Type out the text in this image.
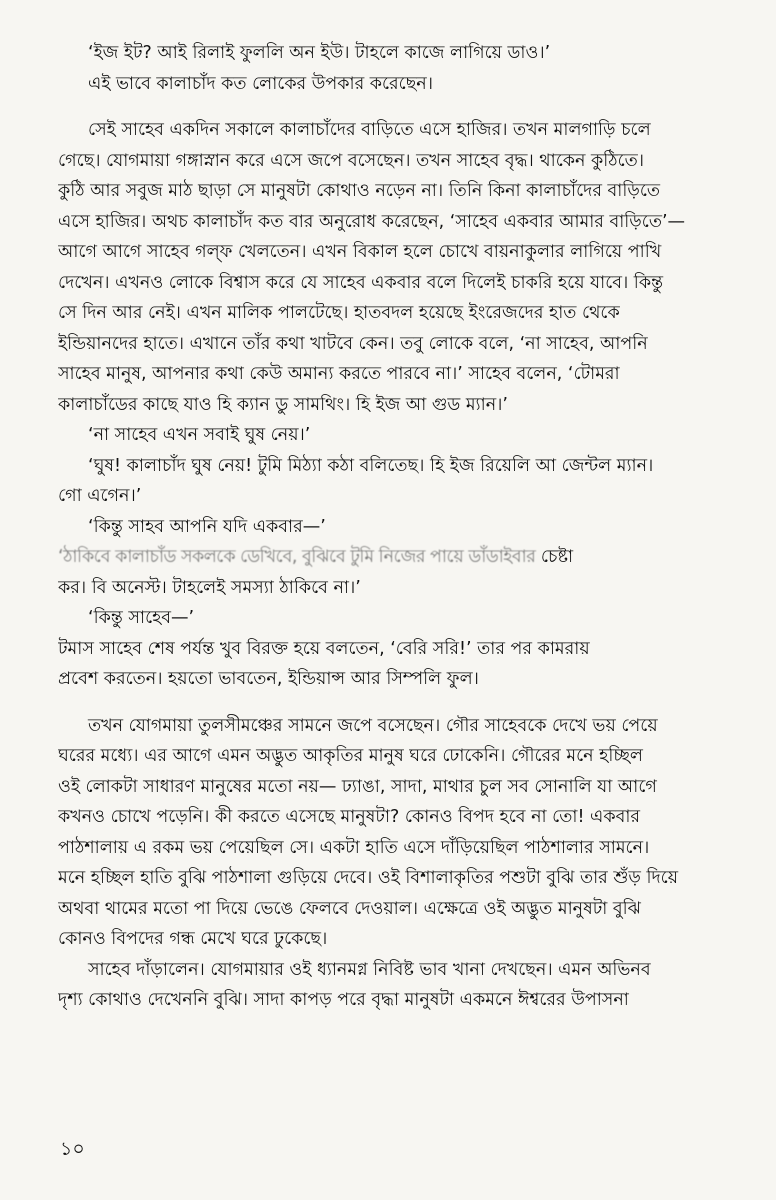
‘ইজ ইট? আই রিলাই ফুললি অন ইউ। টাহলে কাজে লাগিয়ে ডাও।’
এই ভাবে কালাচাঁদ কত লোকের উপকার করেছেন।
সেই সাহেব একদিন সকালে কালাচাঁদের বাড়িতে এসে হাজির। তখন মালগাড়ি চলে
গেছে। যোগমায়া গঙ্গাস্নান করে এসে জপে বসেছেন। তখন সাহেব বৃদ্ধ। থাকেন কুঠিতে।
কুঠি আর সবুজ মাঠ ছাড়া সে মানুষটা কোথাও নড়েন না। তিনি কিনা কালাচাঁদের বাড়িতে
এসে হাজির। অথচ কালাচাঁদ কত বার অনুরোধ করেছেন, ‘সাহেব একবার আমার বাড়িতে’—
আগে আগে সাহেব গল্‌ফ খেলতেন। এখন বিকাল হলে চোখে বায়নাকুলার লাগিয়ে পাখি
দেখেন। এখনও লোকে বিশ্বাস করে যে সাহেব একবার বলে দিলেই চাকরি হয়ে যাবে। কিন্তু
সে দিন আর নেই। এখন মালিক পালটেছে। হাতবদল হয়েছে ইংরেজদের হাত থেকে
ইন্ডিয়ানদের হাতে। এখানে তাঁর কথা খাটবে কেন। তবু লোকে বলে, ‘না সাহেব, আপনি
সাহেব মানুষ, আপনার কথা কেউ অমান্য করতে পারবে না।’ সাহেব বলেন, ‘টোমরা
কালাচাঁডের কাছে যাও হি ক্যান ডু সামথিং। হি ইজ আ গুড ম্যান।’
‘না সাহেব এখন সবাই ঘুষ নেয়।’
‘ঘুষ! কালাচাঁদ ঘুষ নেয়! টুমি মিঠ্যা কঠা বলিতেছ। হি ইজ রিয়েলি আ জেন্টল ম্যান।
গো এগেন।’
‘কিন্তু সাহব আপনি যদি একবার—’
‘ঠাকিবে কালাচাঁড সকলকে ডেখিবে, বুঝিবে টুমি নিজের পায়ে ডাঁডাইবার চেষ্টা
কর। বি অনেস্ট। টাহলেই সমস্যা ঠাকিবে না।’
‘কিন্তু সাহেব—’
টমাস সাহেব শেষ পর্যন্ত খুব বিরক্ত হয়ে বলতেন, ‘বেরি সরি!’ তার পর কামরায়
প্রবেশ করতেন। হয়তো ভাবতেন, ইন্ডিয়ান্স আর সিম্পলি ফুল।
তখন যোগমায়া তুলসীমঞ্চের সামনে জপে বসেছেন। গৌর সাহেবকে দেখে ভয় পেয়ে
ঘরের মধ্যে। এর আগে এমন অদ্ভুত আকৃতির মানুষ ঘরে ঢোকেনি। গৌরের মনে হচ্ছিল
ওই লোকটা সাধারণ মানুষের মতো নয়— ঢ্যাঙা, সাদা, মাথার চুল সব সোনালি যা আগে
কখনও চোখে পড়েনি। কী করতে এসেছে মানুষটা? কোনও বিপদ হবে না তো! একবার
পাঠশালায় এ রকম ভয় পেয়েছিল সে। একটা হাতি এসে দাঁড়িয়েছিল পাঠশালার সামনে।
মনে হচ্ছিল হাতি বুঝি পাঠশালা গুড়িয়ে দেবে। ওই বিশালাকৃতির পশুটা বুঝি তার শুঁড় দিয়ে
অথবা থামের মতো পা দিয়ে ভেঙে ফেলবে দেওয়াল। এক্ষেত্রে ওই অদ্ভুত মানুষটা বুঝি
কোনও বিপদের গন্ধ মেখে ঘরে ঢুকেছে।
সাহেব দাঁড়ালেন। যোগমায়ার ওই ধ্যানমগ্ন নিবিষ্ট ভাব খানা দেখছেন। এমন অভিনব
দৃশ্য কোথাও দেখেননি বুঝি। সাদা কাপড় পরে বৃদ্ধা মানুষটা একমনে ঈশ্বরের উপাসনা
১০
